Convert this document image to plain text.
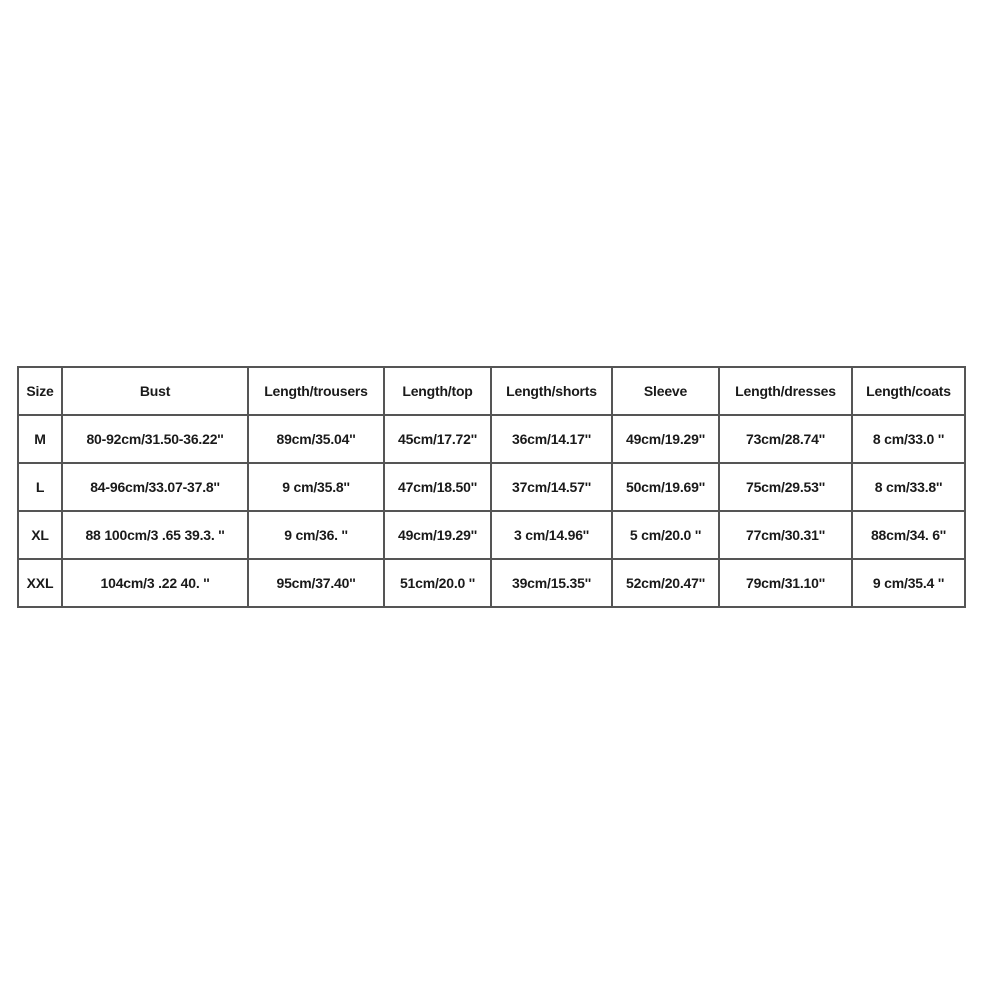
Size	Bust	Length/trousers	Length/top	Length/shorts	Sleeve	Length/dresses	Length/coats
M	80-92cm/31.50-36.22''	89cm/35.04''	45cm/17.72''	36cm/14.17''	49cm/19.29''	73cm/28.74''	8 cm/33.0 ''
L	84-96cm/33.07-37.8''	9 cm/35.8''	47cm/18.50''	37cm/14.57''	50cm/19.69''	75cm/29.53''	8 cm/33.8''
XL	88 100cm/3 .65 39.3. ''	9 cm/36. ''	49cm/19.29''	3 cm/14.96''	5 cm/20.0 ''	77cm/30.31''	88cm/34. 6''
XXL	104cm/3 .22 40. ''	95cm/37.40''	51cm/20.0 ''	39cm/15.35''	52cm/20.47''	79cm/31.10''	9 cm/35.4 ''
